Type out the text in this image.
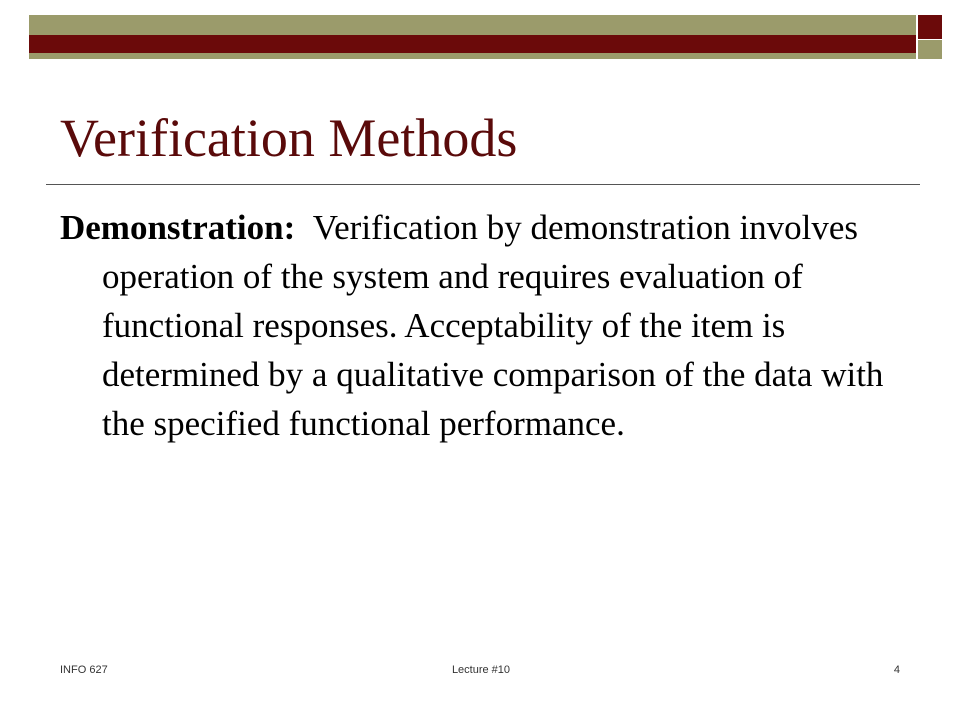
Verification Methods

Demonstration: Verification by demonstration involves operation of the system and requires evaluation of functional responses. Acceptability of the item is determined by a qualitative comparison of the data with the specified functional performance.

INFO 627	Lecture #10	4
